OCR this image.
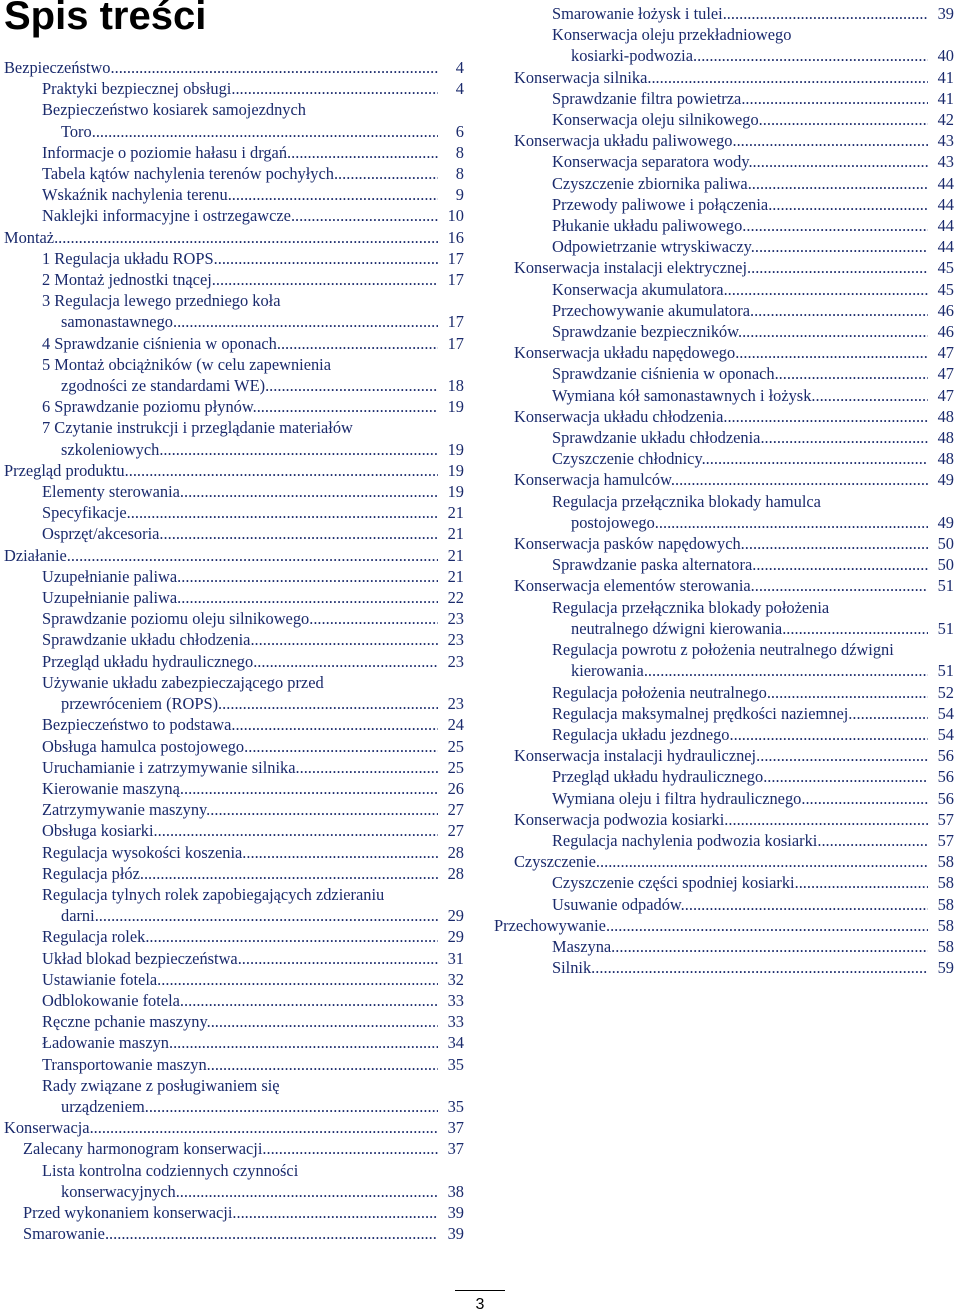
Spis treści
Bezpieczeństwo .....	4
Praktyki bezpiecznej obsługi .....	4
Bezpieczeństwo kosiarek samojezdnych
Toro .....	6
Informacje o poziomie hałasu i drgań .....	8
Tabela kątów nachylenia terenów pochyłych .....	8
Wskaźnik nachylenia terenu .....	9
Naklejki informacyjne i ostrzegawcze .....	10
Montaż .....	16
1 Regulacja układu ROPS .....	17
2 Montaż jednostki tnącej .....	17
3 Regulacja lewego przedniego koła
samonastawnego .....	17
4 Sprawdzanie ciśnienia w oponach .....	17
5 Montaż obciążników (w celu zapewnienia
zgodności ze standardami WE) .....	18
6 Sprawdzanie poziomu płynów .....	19
7 Czytanie instrukcji i przeglądanie materiałów
szkoleniowych .....	19
Przegląd produktu .....	19
Elementy sterowania .....	19
Specyfikacje .....	21
Osprzęt/akcesoria .....	21
Działanie .....	21
Uzupełnianie paliwa .....	21
Uzupełnianie paliwa .....	22
Sprawdzanie poziomu oleju silnikowego .....	23
Sprawdzanie układu chłodzenia .....	23
Przegląd układu hydraulicznego .....	23
Używanie układu zabezpieczającego przed
przewróceniem (ROPS) .....	23
Bezpieczeństwo to podstawa .....	24
Obsługa hamulca postojowego .....	25
Uruchamianie i zatrzymywanie silnika .....	25
Kierowanie maszyną .....	26
Zatrzymywanie maszyny .....	27
Obsługa kosiarki .....	27
Regulacja wysokości koszenia .....	28
Regulacja płóz .....	28
Regulacja tylnych rolek zapobiegających zdzieraniu
darni .....	29
Regulacja rolek .....	29
Układ blokad bezpieczeństwa .....	31
Ustawianie fotela .....	32
Odblokowanie fotela .....	33
Ręczne pchanie maszyny .....	33
Ładowanie maszyn .....	34
Transportowanie maszyn .....	35
Rady związane z posługiwaniem się
urządzeniem .....	35
Konserwacja .....	37
Zalecany harmonogram konserwacji .....	37
Lista kontrolna codziennych czynności
konserwacyjnych .....	38
Przed wykonaniem konserwacji .....	39
Smarowanie .....	39
Smarowanie łożysk i tulei .....	39
Konserwacja oleju przekładniowego
kosiarki-podwozia .....	40
Konserwacja silnika .....	41
Sprawdzanie filtra powietrza .....	41
Konserwacja oleju silnikowego .....	42
Konserwacja układu paliwowego .....	43
Konserwacja separatora wody .....	43
Czyszczenie zbiornika paliwa .....	44
Przewody paliwowe i połączenia .....	44
Płukanie układu paliwowego .....	44
Odpowietrzanie wtryskiwaczy .....	44
Konserwacja instalacji elektrycznej .....	45
Konserwacja akumulatora .....	45
Przechowywanie akumulatora .....	46
Sprawdzanie bezpieczników .....	46
Konserwacja układu napędowego .....	47
Sprawdzanie ciśnienia w oponach .....	47
Wymiana kół samonastawnych i łożysk .....	47
Konserwacja układu chłodzenia .....	48
Sprawdzanie układu chłodzenia .....	48
Czyszczenie chłodnicy .....	48
Konserwacja hamulców .....	49
Regulacja przełącznika blokady hamulca
postojowego .....	49
Konserwacja pasków napędowych .....	50
Sprawdzanie paska alternatora .....	50
Konserwacja elementów sterowania .....	51
Regulacja przełącznika blokady położenia
neutralnego dźwigni kierowania .....	51
Regulacja powrotu z położenia neutralnego dźwigni
kierowania .....	51
Regulacja położenia neutralnego .....	52
Regulacja maksymalnej prędkości naziemnej .....	54
Regulacja układu jezdnego .....	54
Konserwacja instalacji hydraulicznej .....	56
Przegląd układu hydraulicznego .....	56
Wymiana oleju i filtra hydraulicznego .....	56
Konserwacja podwozia kosiarki .....	57
Regulacja nachylenia podwozia kosiarki .....	57
Czyszczenie .....	58
Czyszczenie części spodniej kosiarki .....	58
Usuwanie odpadów .....	58
Przechowywanie .....	58
Maszyna .....	58
Silnik .....	59
3
